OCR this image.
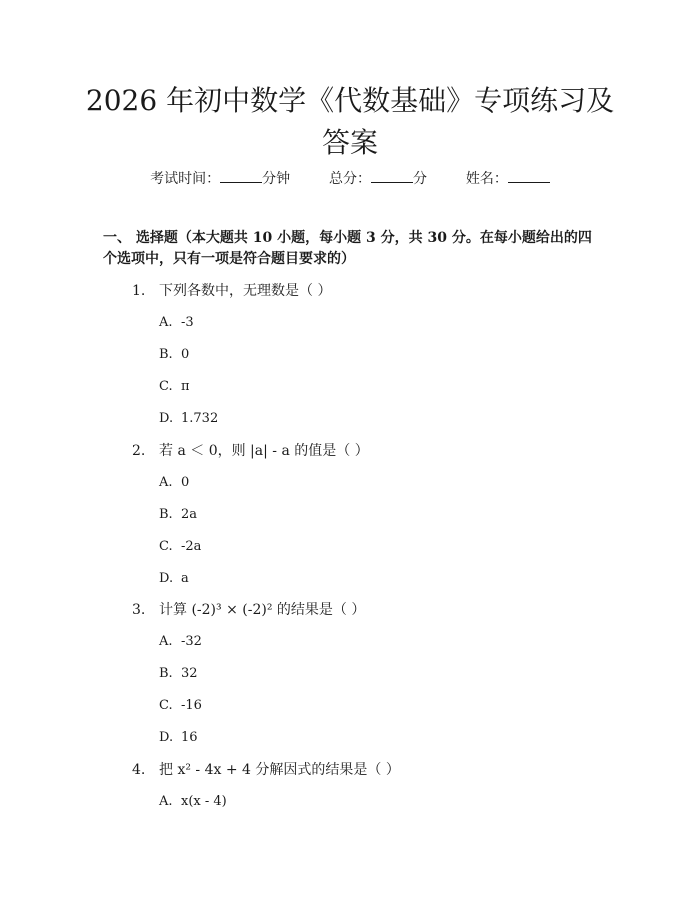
2026 年初中数学《代数基础》专项练习及答案
考试时间：	分钟	总分：	分	姓名：
一、 选择题（本大题共 10 小题，每小题 3 分，共 30 分。在每小题给出的四个选项中，只有一项是符合题目要求的）
1. 下列各数中，无理数是（ ）
A. -3
B. 0
C. π
D. 1.732
2. 若 a ＜ 0，则 |a| - a 的值是（ ）
A. 0
B. 2a
C. -2a
D. a
3. 计算 (-2)³ × (-2)² 的结果是（ ）
A. -32
B. 32
C. -16
D. 16
4. 把 x² - 4x + 4 分解因式的结果是（ ）
A. x(x - 4)
